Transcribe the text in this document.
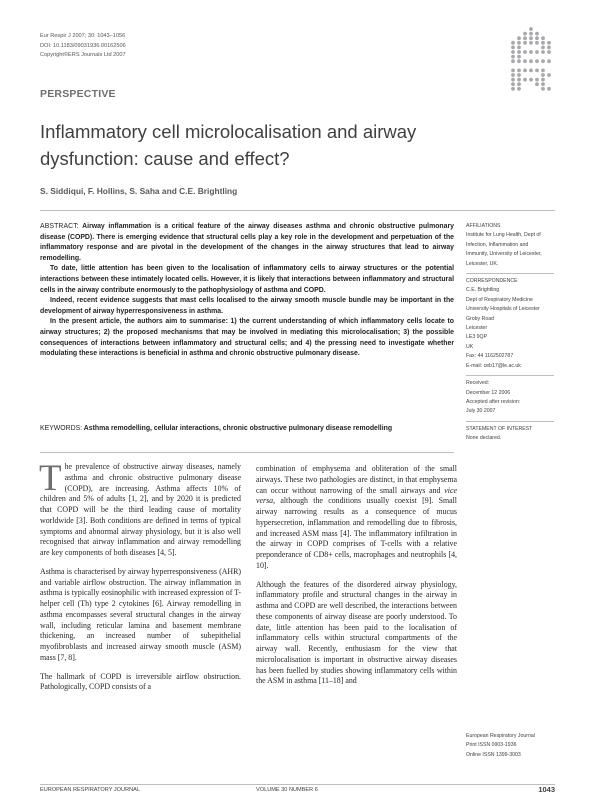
Eur Respir J 2007; 30: 1043–1056
DOI: 10.1183/09031936.00162506
Copyright©ERS Journals Ltd 2007
PERSPECTIVE
Inflammatory cell microlocalisation and airway dysfunction: cause and effect?
S. Siddiqui, F. Hollins, S. Saha and C.E. Brightling

ABSTRACT: Airway inflammation is a critical feature of the airway diseases asthma and chronic obstructive pulmonary disease (COPD). There is emerging evidence that structural cells play a key role in the development and perpetuation of the inflammatory response and are pivotal in the development of the changes in the airway structures that lead to airway remodelling.

To date, little attention has been given to the localisation of inflammatory cells to airway structures or the potential interactions between these intimately located cells. However, it is likely that interactions between inflammatory and structural cells in the airway contribute enormously to the pathophysiology of asthma and COPD.

Indeed, recent evidence suggests that mast cells localised to the airway smooth muscle bundle may be important in the development of airway hyperresponsiveness in asthma.

In the present article, the authors aim to summarise: 1) the current understanding of which inflammatory cells locate to airway structures; 2) the proposed mechanisms that may be involved in mediating this microlocalisation; 3) the possible consequences of interactions between inflammatory and structural cells; and 4) the pressing need to investigate whether modulating these interactions is beneficial in asthma and chronic obstructive pulmonary disease.

KEYWORDS: Asthma remodelling, cellular interactions, chronic obstructive pulmonary disease remodelling
AFFILIATIONS
Institute for Lung Health, Dept of
Infection, Inflammation and
Immunity, University of Leicester,
Leicester, UK.
CORRESPONDENCE
C.E. Brightling
Dept of Respiratory Medicine
University Hospitals of Leicester
Groby Road
Leicester
LE3 9QP
UK
Fax: 44 1162502787
E-mail: ceb17@le.ac.uk
Received:
December 12 2006
Accepted after revision:
July 30 2007
STATEMENT OF INTEREST
None declared.
European Respiratory Journal
Print ISSN 0903-1936
Online ISSN 1399-3003

The prevalence of obstructive airway diseases, namely asthma and chronic obstructive pulmonary disease (COPD), are increasing. Asthma affects 10% of children and 5% of adults [1, 2], and by 2020 it is predicted that COPD will be the third leading cause of mortality worldwide [3]. Both conditions are defined in terms of typical symptoms and abnormal airway physiology, but it is also well recognised that airway inflammation and airway remodelling are key components of both diseases [4, 5].

Asthma is characterised by airway hyperresponsiveness (AHR) and variable airflow obstruction. The airway inflammation in asthma is typically eosinophilic with increased expression of T-helper cell (Th) type 2 cytokines [6]. Airway remodelling in asthma encompasses several structural changes in the airway wall, including reticular lamina and basement membrane thickening, an increased number of subepithelial myofibroblasts and increased airway smooth muscle (ASM) mass [7, 8].

The hallmark of COPD is irreversible airflow obstruction. Pathologically, COPD consists of a

combination of emphysema and obliteration of the small airways. These two pathologies are distinct, in that emphysema can occur without narrowing of the small airways and vice versa, although the conditions usually coexist [9]. Small airway narrowing results as a consequence of mucus hypersecretion, inflammation and remodelling due to fibrosis, and increased ASM mass [4]. The inflammatory infiltration in the airway in COPD comprises of T-cells with a relative preponderance of CD8+ cells, macrophages and neutrophils [4, 10].

Although the features of the disordered airway physiology, inflammatory profile and structural changes in the airway in asthma and COPD are well described, the interactions between these components of airway disease are poorly understood. To date, little attention has been paid to the localisation of inflammatory cells within structural compartments of the airway wall. Recently, enthusiasm for the view that microlocalisation is important in obstructive airway diseases has been fuelled by studies showing inflammatory cells within the ASM in asthma [11–18] and

EUROPEAN RESPIRATORY JOURNAL	VOLUME 30 NUMBER 6	1043
